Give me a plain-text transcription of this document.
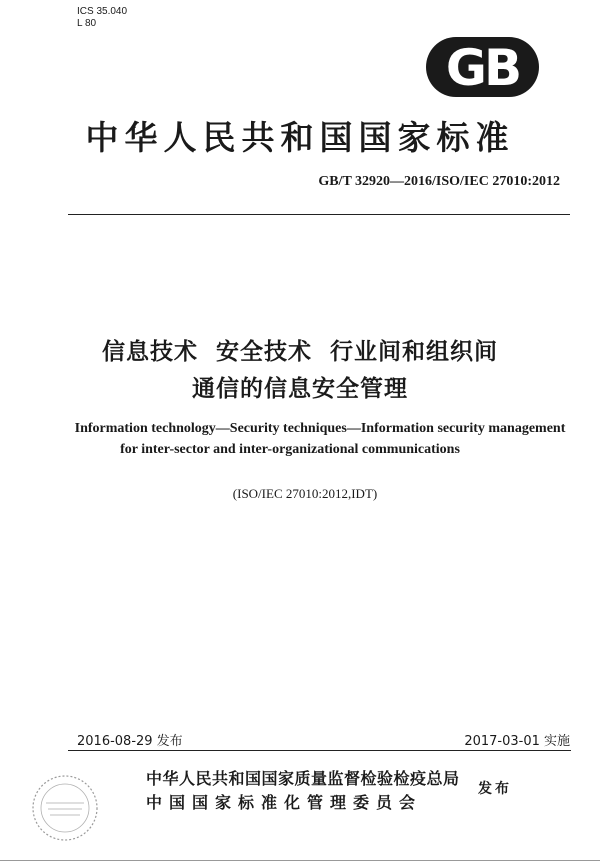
ICS 35.040
L 80
GB
中华人民共和国国家标准
GB/T 32920—2016/ISO/IEC 27010:2012
信息技术  安全技术  行业间和组织间
通信的信息安全管理
Information technology—Security techniques—Information security management
for inter-sector and inter-organizational communications
(ISO/IEC 27010:2012,IDT)
2016-08-29 发布	2017-03-01 实施
中华人民共和国国家质量监督检验检疫总局
中国国家标准化管理委员会
发布
